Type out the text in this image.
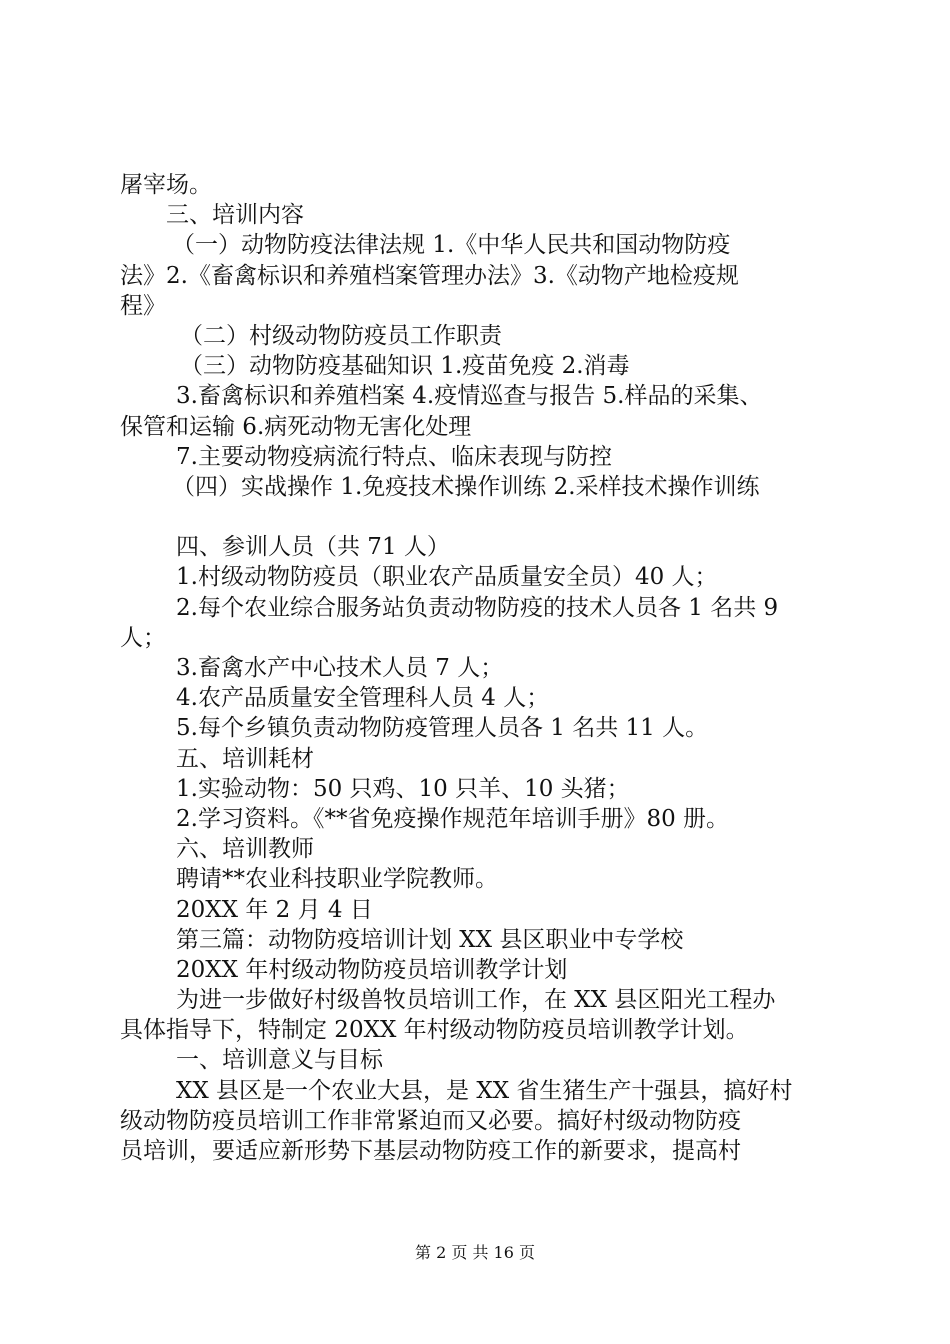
屠宰场。
三、培训内容
（一）动物防疫法律法规 1.《中华人民共和国动物防疫
法》2.《畜禽标识和养殖档案管理办法》3.《动物产地检疫规
程》
（二）村级动物防疫员工作职责
（三）动物防疫基础知识 1.疫苗免疫 2.消毒
3.畜禽标识和养殖档案 4.疫情巡查与报告 5.样品的采集、
保管和运输 6.病死动物无害化处理
7.主要动物疫病流行特点、临床表现与防控
（四）实战操作 1.免疫技术操作训练 2.采样技术操作训练
四、参训人员（共 71 人）
1.村级动物防疫员（职业农产品质量安全员）40 人；
2.每个农业综合服务站负责动物防疫的技术人员各 1 名共 9
人；
3.畜禽水产中心技术人员 7 人；
4.农产品质量安全管理科人员 4 人；
5.每个乡镇负责动物防疫管理人员各 1 名共 11 人。
五、培训耗材
1.实验动物：50 只鸡、10 只羊、10 头猪；
2.学习资料。《**省免疫操作规范年培训手册》80 册。
六、培训教师
聘请**农业科技职业学院教师。
20XX 年 2 月 4 日
第三篇：动物防疫培训计划 XX 县区职业中专学校
20XX 年村级动物防疫员培训教学计划
为进一步做好村级兽牧员培训工作，在 XX 县区阳光工程办
具体指导下，特制定 20XX 年村级动物防疫员培训教学计划。
一、培训意义与目标
XX 县区是一个农业大县，是 XX 省生猪生产十强县，搞好村
级动物防疫员培训工作非常紧迫而又必要。搞好村级动物防疫
员培训，要适应新形势下基层动物防疫工作的新要求，提高村
第 2 页 共 16 页
